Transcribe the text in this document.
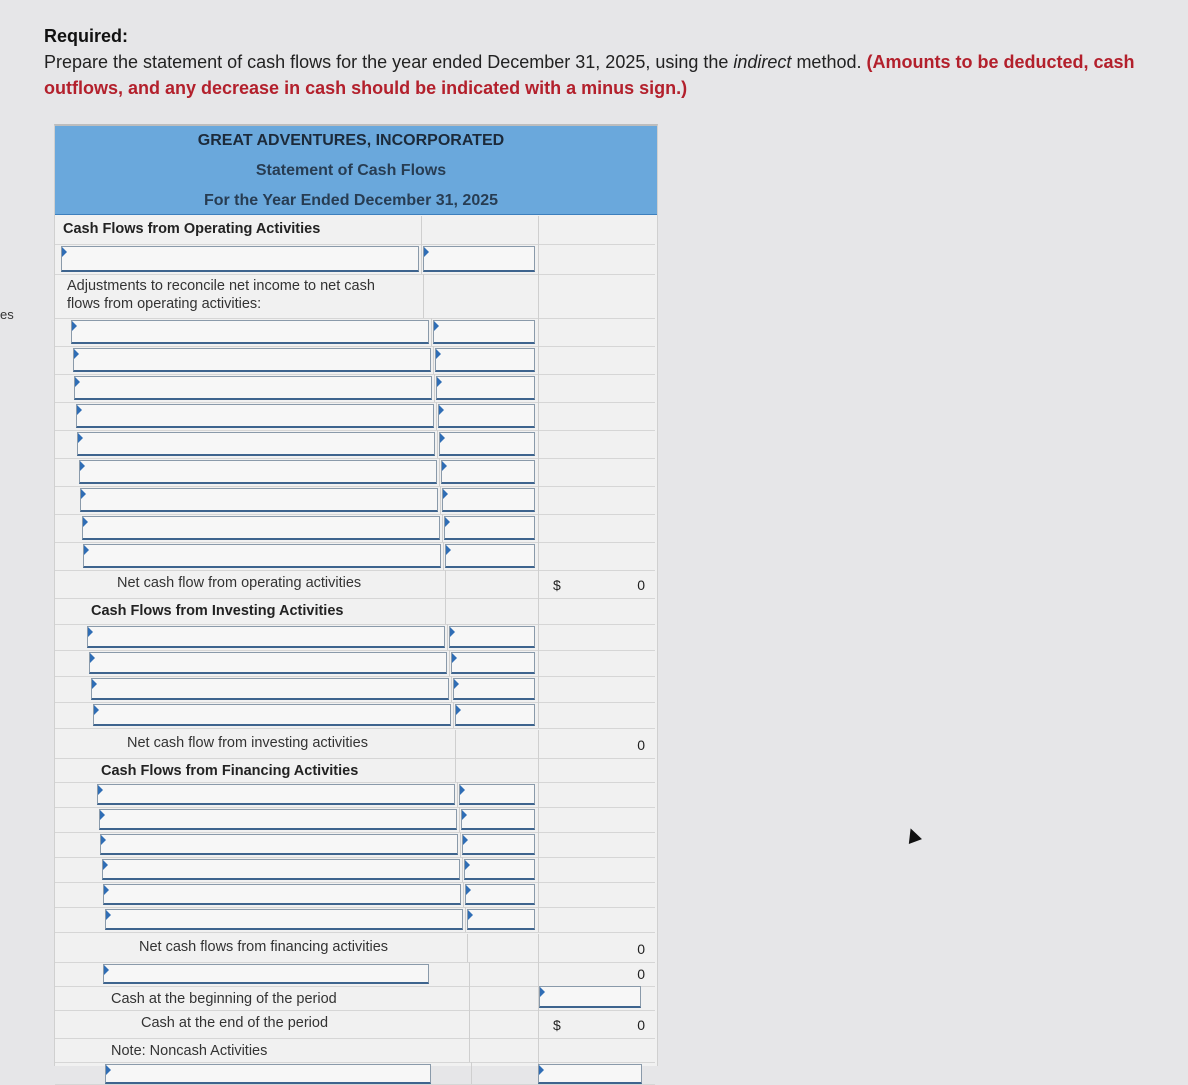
es
Required:

Prepare the statement of cash flows for the year ended December 31, 2025, using the indirect method. (Amounts to be deducted, cash outflows, and any decrease in cash should be indicated with a minus sign.)

GREAT ADVENTURES, INCORPORATED
Statement of Cash Flows
For the Year Ended December 31, 2025
Cash Flows from Operating Activities
Adjustments to reconcile net income to net cash
flows from operating activities:
Net cash flow from operating activities	$	0
Cash Flows from Investing Activities
Net cash flow from investing activities	0
Cash Flows from Financing Activities
Net cash flows from financing activities	0
0
Cash at the beginning of the period
Cash at the end of the period	$	0
Note: Noncash Activities
